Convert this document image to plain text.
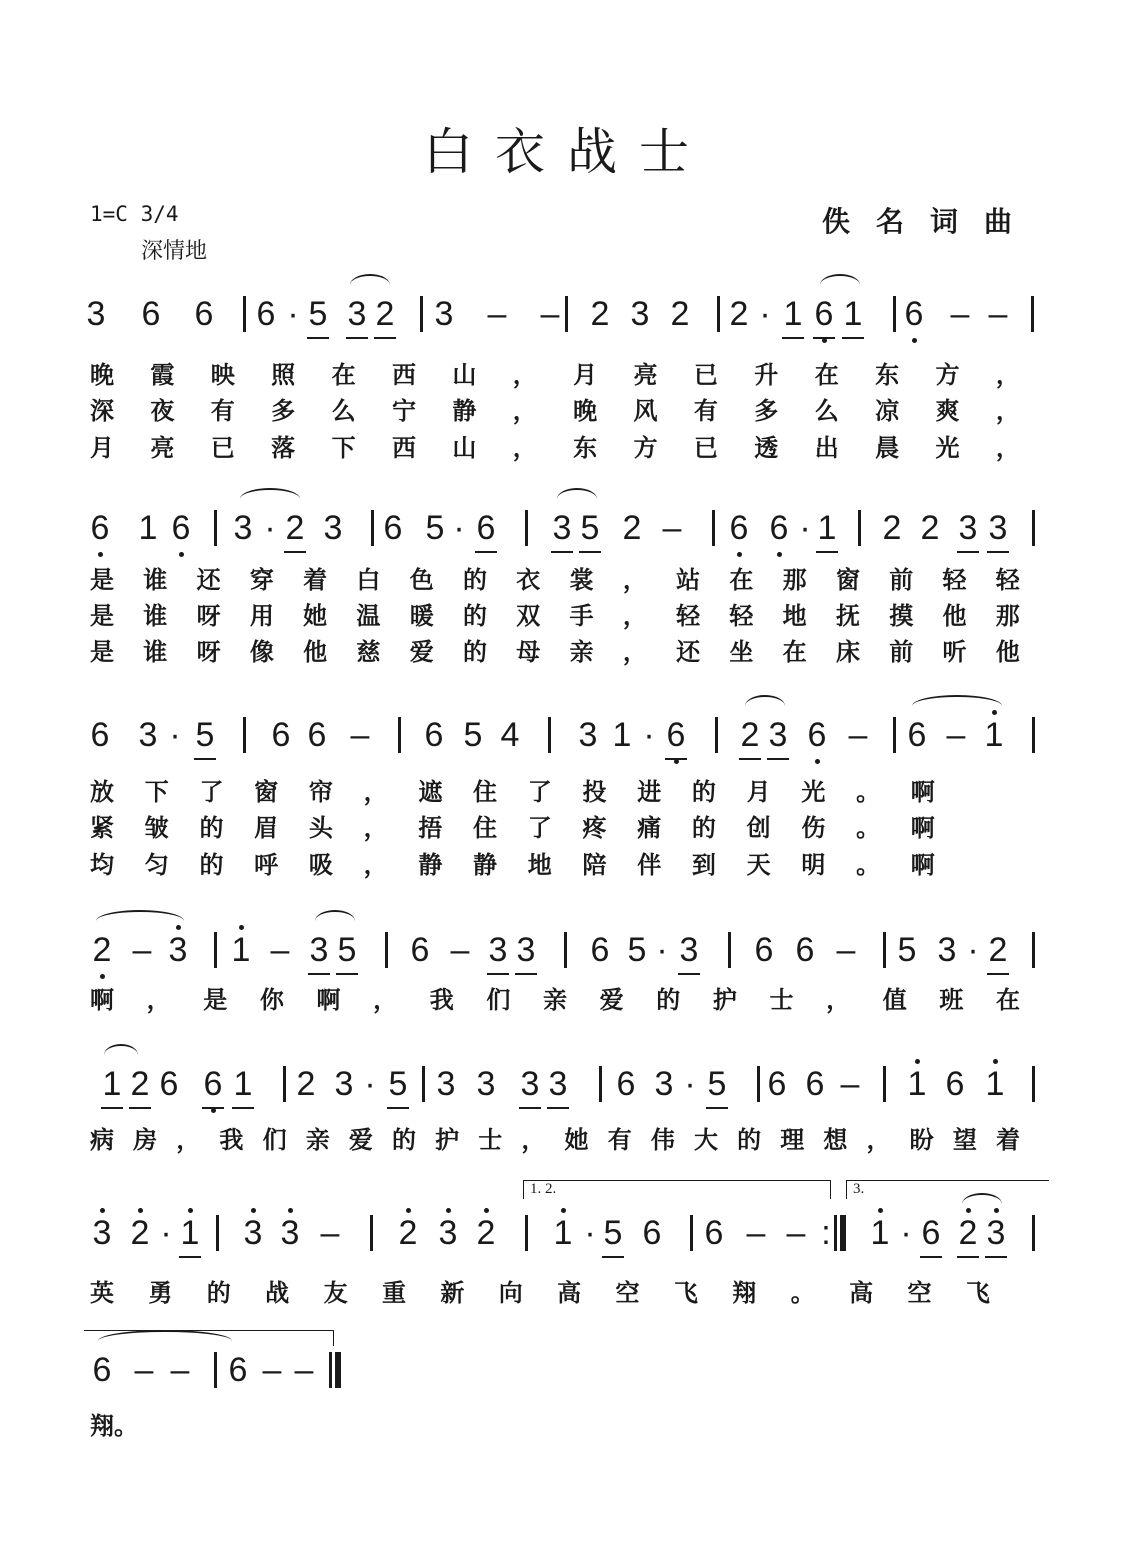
白衣战士
1=C 3/4
深情地
佚名词曲
3 6 6 6 · 5 3 2 3 – – 2 3 2 2 · 1 6 1 6 – –
6 1 6 3 · 2 3 6 5 · 6 3 5 2 – 6 6 · 1 2 2 3 3
6 3 · 5 6 6 – 6 5 4 3 1 · 6 2 3 6 – 6 – 1
2 – 3 1 – 3 5 6 – 3 3 6 5 · 3 6 6 – 5 3 · 2
1 2 6 6 1 2 3 · 5 3 3 3 3 6 3 · 5 6 6 – 1 6 1
3 2 · 1 3 3 – 2 3 2 1 · 5 6 6 – – : 1 · 6 2 3
6 – – 6 – –
1. 2.	3.
晚 霞 映 照 在 西 山 ， 月 亮 已 升 在 东 方 ，
深 夜 有 多 么 宁 静 ， 晚 风 有 多 么 凉 爽 ，
月 亮 已 落 下 西 山 ， 东 方 已 透 出 晨 光 ，
是 谁 还 穿 着 白 色 的 衣 裳 ， 站 在 那 窗 前 轻 轻
是 谁 呀 用 她 温 暖 的 双 手 ， 轻 轻 地 抚 摸 他 那
是 谁 呀 像 他 慈 爱 的 母 亲 ， 还 坐 在 床 前 听 他
放 下 了 窗 帘 ， 遮 住 了 投 进 的 月 光 。 啊
紧 皱 的 眉 头 ， 捂 住 了 疼 痛 的 创 伤 。 啊
均 匀 的 呼 吸 ， 静 静 地 陪 伴 到 天 明 。 啊
啊 ， 是 你 啊 ， 我 们 亲 爱 的 护 士 ， 值 班 在
病 房 ， 我 们 亲 爱 的 护 士 ， 她 有 伟 大 的 理 想 ， 盼 望 着
英 勇 的 战 友 重 新 向 高 空 飞 翔 。 高 空 飞
翔 。
